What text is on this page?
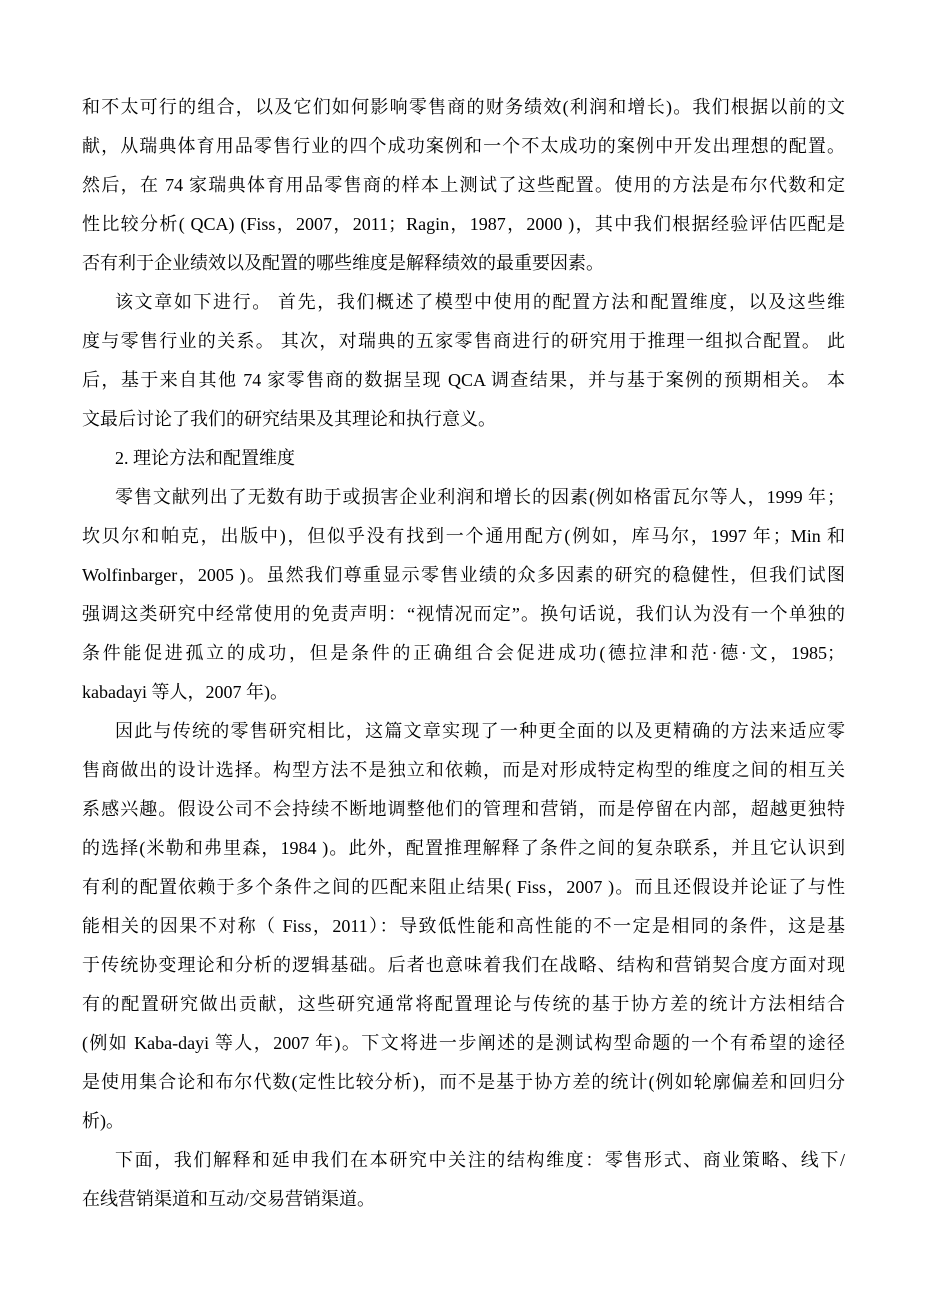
和不太可行的组合，以及它们如何影响零售商的财务绩效(利润和增长)。我们根据以前的文
献，从瑞典体育用品零售行业的四个成功案例和一个不太成功的案例中开发出理想的配置。
然后，在 74 家瑞典体育用品零售商的样本上测试了这些配置。使用的方法是布尔代数和定
性比较分析( QCA) (Fiss，2007，2011；Ragin，1987，2000 )，其中我们根据经验评估匹配是
否有利于企业绩效以及配置的哪些维度是解释绩效的最重要因素。
该文章如下进行。 首先，我们概述了模型中使用的配置方法和配置维度，以及这些维
度与零售行业的关系。 其次，对瑞典的五家零售商进行的研究用于推理一组拟合配置。 此
后，基于来自其他 74 家零售商的数据呈现 QCA 调查结果，并与基于案例的预期相关。 本
文最后讨论了我们的研究结果及其理论和执行意义。
2. 理论方法和配置维度
零售文献列出了无数有助于或损害企业利润和增长的因素(例如格雷瓦尔等人，1999 年；
坎贝尔和帕克，出版中)，但似乎没有找到一个通用配方(例如，库马尔，1997 年；Min 和
Wolfinbarger，2005 )。虽然我们尊重显示零售业绩的众多因素的研究的稳健性，但我们试图
强调这类研究中经常使用的免责声明：“视情况而定”。换句话说，我们认为没有一个单独的
条件能促进孤立的成功，但是条件的正确组合会促进成功(德拉津和范·德·文，1985；
kabadayi 等人，2007 年)。
因此与传统的零售研究相比，这篇文章实现了一种更全面的以及更精确的方法来适应零
售商做出的设计选择。构型方法不是独立和依赖，而是对形成特定构型的维度之间的相互关
系感兴趣。假设公司不会持续不断地调整他们的管理和营销，而是停留在内部，超越更独特
的选择(米勒和弗里森，1984 )。此外，配置推理解释了条件之间的复杂联系，并且它认识到
有利的配置依赖于多个条件之间的匹配来阻止结果( Fiss，2007 )。而且还假设并论证了与性
能相关的因果不对称（ Fiss，2011）：导致低性能和高性能的不一定是相同的条件，这是基
于传统协变理论和分析的逻辑基础。后者也意味着我们在战略、结构和营销契合度方面对现
有的配置研究做出贡献，这些研究通常将配置理论与传统的基于协方差的统计方法相结合
(例如 Kaba-dayi 等人，2007 年)。下文将进一步阐述的是测试构型命题的一个有希望的途径
是使用集合论和布尔代数(定性比较分析)，而不是基于协方差的统计(例如轮廓偏差和回归分
析)。
下面，我们解释和延申我们在本研究中关注的结构维度：零售形式、商业策略、线下/
在线营销渠道和互动/交易营销渠道。
